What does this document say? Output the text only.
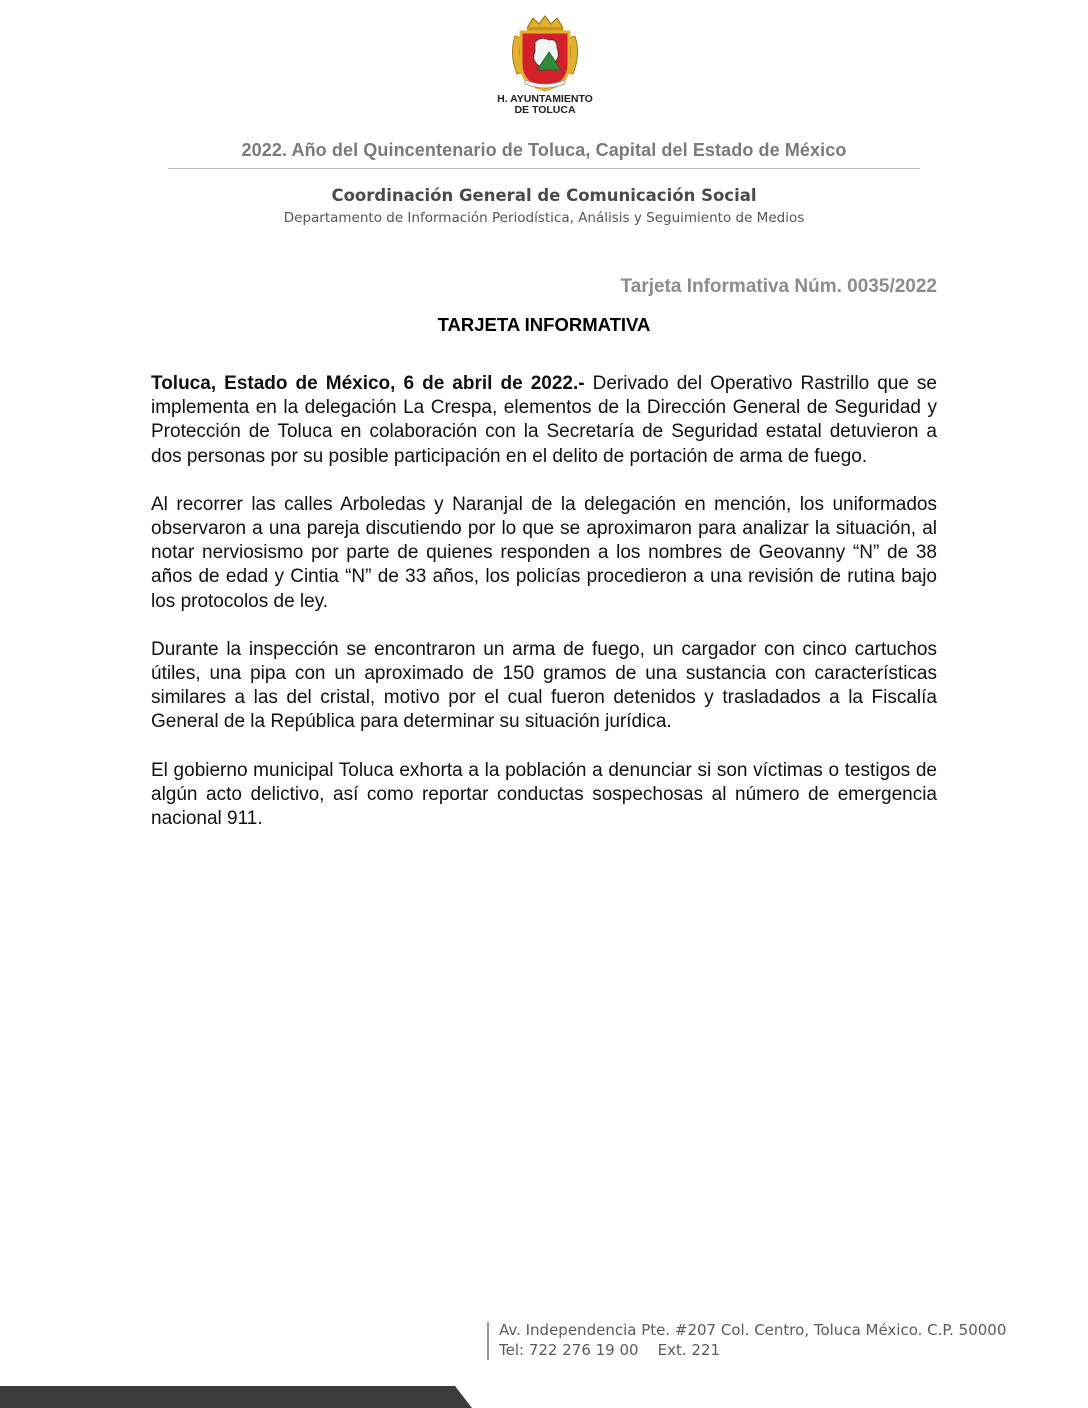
H. AYUNTAMIENTO
DE TOLUCA
2022. Año del Quincentenario de Toluca, Capital del Estado de México
Coordinación General de Comunicación Social
Departamento de Información Periodística, Análisis y Seguimiento de Medios
Tarjeta Informativa Núm. 0035/2022
TARJETA INFORMATIVA

Toluca, Estado de México, 6 de abril de 2022.- Derivado del Operativo Rastrillo que se implementa en la delegación La Crespa, elementos de la Dirección General de Seguridad y Protección de Toluca en colaboración con la Secretaría de Seguridad estatal detuvieron a dos personas por su posible participación en el delito de portación de arma de fuego.

Al recorrer las calles Arboledas y Naranjal de la delegación en mención, los uniformados observaron a una pareja discutiendo por lo que se aproximaron para analizar la situación, al notar nerviosismo por parte de quienes responden a los nombres de Geovanny “N” de 38 años de edad y Cintia “N” de 33 años, los policías procedieron a una revisión de rutina bajo los protocolos de ley.

Durante la inspección se encontraron un arma de fuego, un cargador con cinco cartuchos útiles, una pipa con un aproximado de 150 gramos de una sustancia con características similares a las del cristal, motivo por el cual fueron detenidos y trasladados a la Fiscalía General de la República para determinar su situación jurídica.

El gobierno municipal Toluca exhorta a la población a denunciar si son víctimas o testigos de algún acto delictivo, así como reportar conductas sospechosas al número de emergencia nacional 911.

Av. Independencia Pte. #207 Col. Centro, Toluca México. C.P. 50000
Tel: 722 276 19 00    Ext. 221
